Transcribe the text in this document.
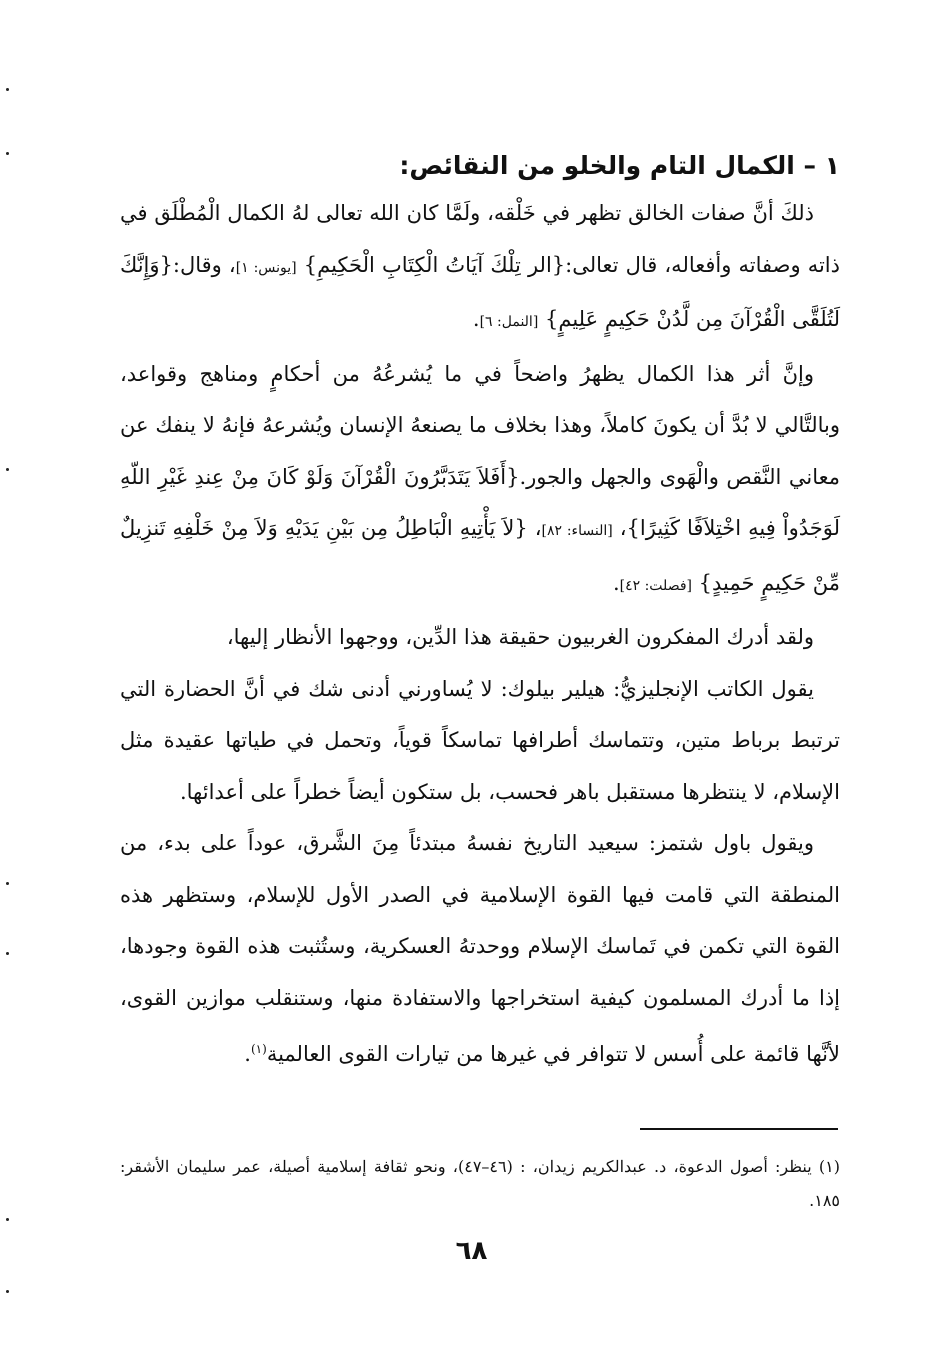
١ – الكمال التام والخلو من النقائص:

ذلكَ أنَّ صفات الخالق تظهر في خَلْقه، ولَمَّا كان الله تعالى لهُ الكمال الْمُطْلَق في ذاته وصفاته وأفعاله، قال تعالى:{الر تِلْكَ آيَاتُ الْكِتَابِ الْحَكِيمِ} [يونس: ١]، وقال:{وَإِنَّكَ لَتُلَقَّى الْقُرْآنَ مِن لَّدُنْ حَكِيمٍ عَلِيمٍ} [النمل: ٦].

وإنَّ أثر هذا الكمال يظهرُ واضحاً في ما يُشرعُهُ من أحكامٍ ومناهج وقواعد، وبالتَّالي لا بُدَّ أن يكونَ كاملاً، وهذا بخلاف ما يصنعهُ الإنسان ويُشرعهُ فإنهُ لا ينفك عن معاني النَّقص والْهَوى والجهل والجور.{أَفَلاَ يَتَدَبَّرُونَ الْقُرْآنَ وَلَوْ كَانَ مِنْ عِندِ غَيْرِ اللّهِ لَوَجَدُواْ فِيهِ اخْتِلاَفًا كَثِيرًا}، [النساء: ٨٢]، {لاَ يَأْتِيهِ الْبَاطِلُ مِن بَيْنِ يَدَيْهِ وَلاَ مِنْ خَلْفِهِ تَنزِيلٌ مِّنْ حَكِيمٍ حَمِيدٍ} [فصلت: ٤٢].

ولقد أدرك المفكرون الغربيون حقيقة هذا الدِّين، ووجهوا الأنظار إليها،

يقول الكاتب الإنجليزيُّ: هيلير بيلوك: لا يُساورني أدنى شك في أنَّ الحضارة التي ترتبط برباط متين، وتتماسك أطرافها تماسكاً قوياً، وتحمل في طياتها عقيدة مثل الإسلام، لا ينتظرها مستقبل باهر فحسب، بل ستكون أيضاً خطراً على أعدائها.

ويقول باول شتمز: سيعيد التاريخ نفسهُ مبتدئاً مِنَ الشَّرق، عوداً على بدء، من المنطقة التي قامت فيها القوة الإسلامية في الصدر الأول للإسلام، وستظهر هذه القوة التي تكمن في تَماسك الإسلام ووحدتهُ العسكرية، وستُثبت هذه القوة وجودها، إذا ما أدرك المسلمون كيفية استخراجها والاستفادة منها، وستنقلب موازين القوى، لأنَّها قائمة على أُسس لا تتوافر في غيرها من تيارات القوى العالمية$^{(١)}$.

(١) ينظر: أصول الدعوة، د. عبدالكريم زيدان، : (٤٦–٤٧)، ونحو ثقافة إسلامية أصيلة، عمر سليمان الأشقر: ١٨٥.

٦٨
